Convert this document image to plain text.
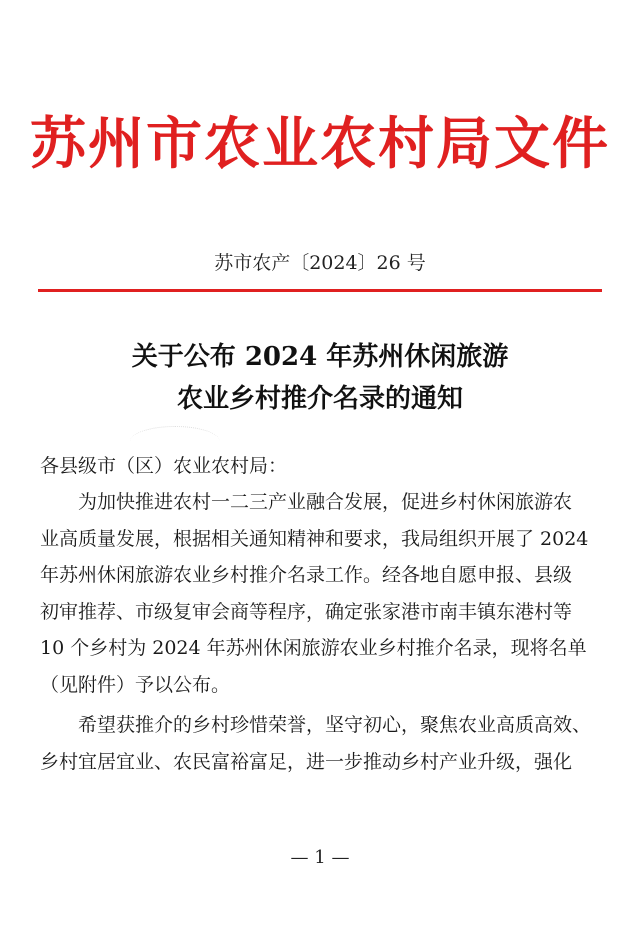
苏州市农业农村局文件
苏市农产〔2024〕26 号
关于公布 2024 年苏州休闲旅游
农业乡村推介名录的通知
各县级市（区）农业农村局：
为加快推进农村一二三产业融合发展，促进乡村休闲旅游农
业高质量发展，根据相关通知精神和要求，我局组织开展了 2024
年苏州休闲旅游农业乡村推介名录工作。经各地自愿申报、县级
初审推荐、市级复审会商等程序，确定张家港市南丰镇东港村等
10 个乡村为 2024 年苏州休闲旅游农业乡村推介名录，现将名单
（见附件）予以公布。
希望获推介的乡村珍惜荣誉，坚守初心，聚焦农业高质高效、
乡村宜居宜业、农民富裕富足，进一步推动乡村产业升级，强化
— 1 —
